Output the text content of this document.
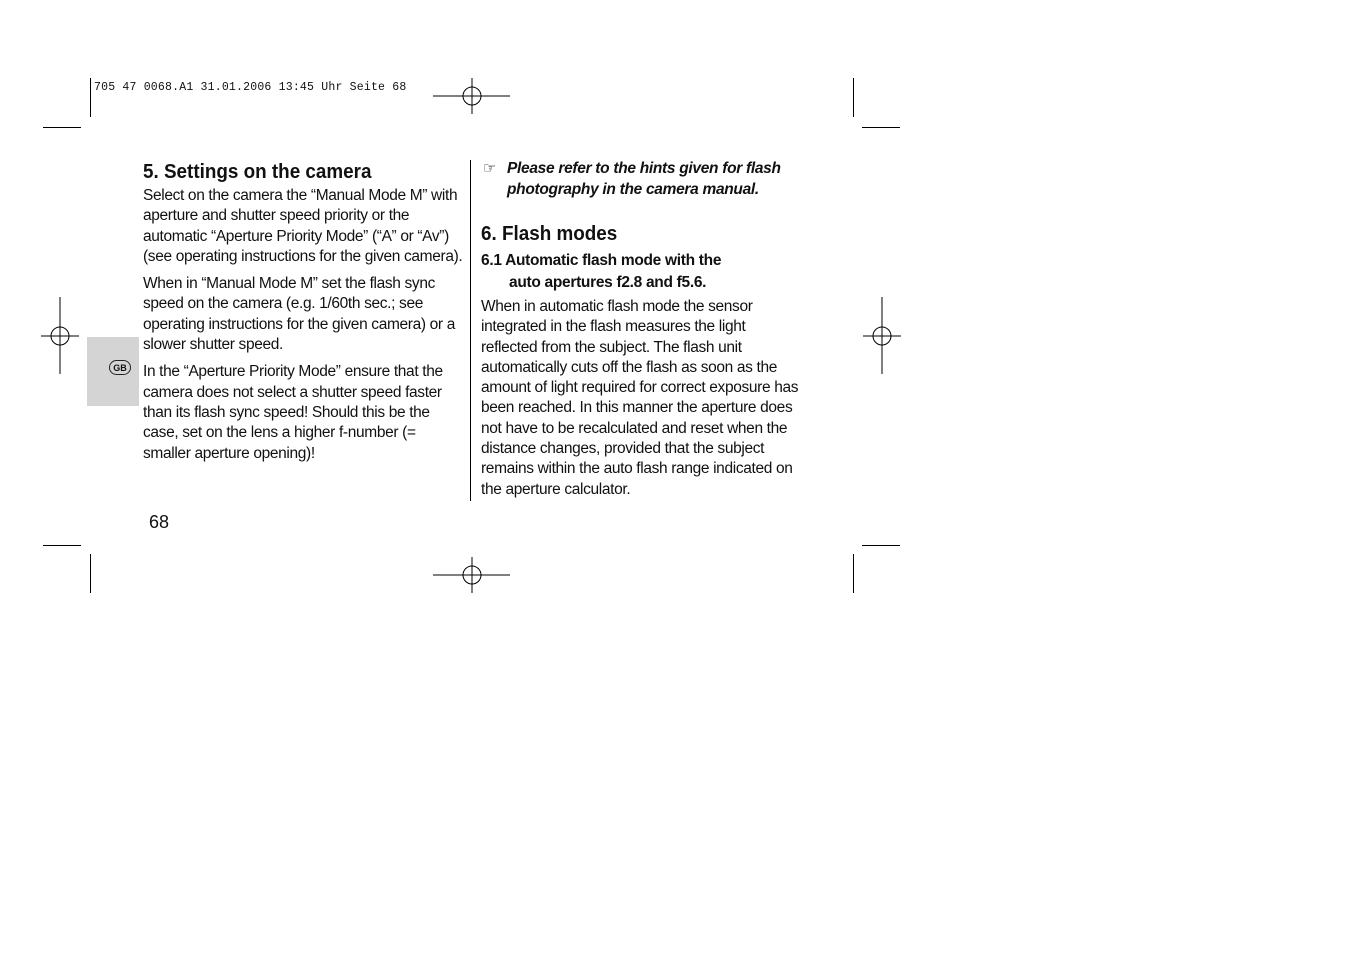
705 47 0068.A1 31.01.2006 13:45 Uhr Seite 68
GB
5. Settings on the camera

Select on the camera the “Manual Mode M” with aperture and shutter speed priority or the automatic “Aperture Priority Mode” (“A” or “Av”) (see operating instructions for the given camera).

When in “Manual Mode M” set the flash sync speed on the camera (e.g. 1/60th sec.; see operating instructions for the given camera) or a slower shutter speed.

In the “Aperture Priority Mode” ensure that the camera does not select a shutter speed faster than its flash sync speed! Should this be the case, set on the lens a higher f-number (= smaller aperture opening)!

☞ Please refer to the hints given for flash photography in the camera manual.
6. Flash modes
6.1 Automatic flash mode with the
auto apertures f2.8 and f5.6.

When in automatic flash mode the sensor integrated in the flash measures the light reflected from the subject. The flash unit automatically cuts off the flash as soon as the amount of light required for correct exposure has been reached. In this manner the aperture does not have to be recalculated and reset when the distance changes, provided that the subject remains within the auto flash range indicated on the aperture calculator.

68
